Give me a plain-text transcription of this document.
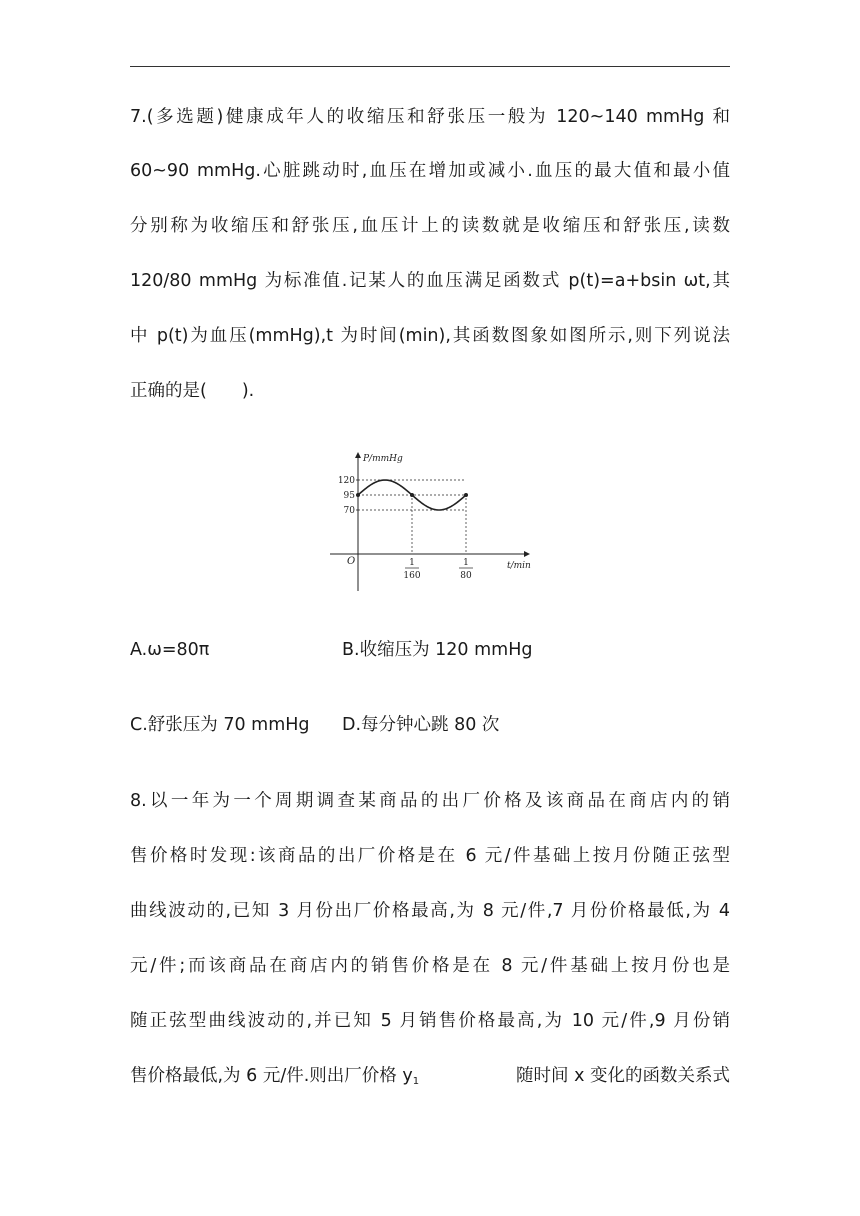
7.(多选题)健康成年人的收缩压和舒张压一般为 120~140 mmHg 和
60~90 mmHg.心脏跳动时,血压在增加或减小.血压的最大值和最小值
分别称为收缩压和舒张压,血压计上的读数就是收缩压和舒张压,读数
120/80 mmHg 为标准值.记某人的血压满足函数式 p(t)=a+bsin ωt,其
中 p(t)为血压(mmHg),t 为时间(min),其函数图象如图所示,则下列说法
正确的是(　　).
P/mmHg
t/min
O
120
95
70
1
160
1
80
A.ω=80π	B.收缩压为 120 mmHg
C.舒张压为 70 mmHg D.每分钟心跳 80 次
8.以一年为一个周期调查某商品的出厂价格及该商品在商店内的销
售价格时发现:该商品的出厂价格是在 6 元/件基础上按月份随正弦型
曲线波动的,已知 3 月份出厂价格最高,为 8 元/件,7 月份价格最低,为 4
元/件;而该商品在商店内的销售价格是在 8 元/件基础上按月份也是
随正弦型曲线波动的,并已知 5 月销售价格最高,为 10 元/件,9 月份销
售价格最低,为 6 元/件.则出厂价格 $y_1$	随时间 x 变化的函数关系式
